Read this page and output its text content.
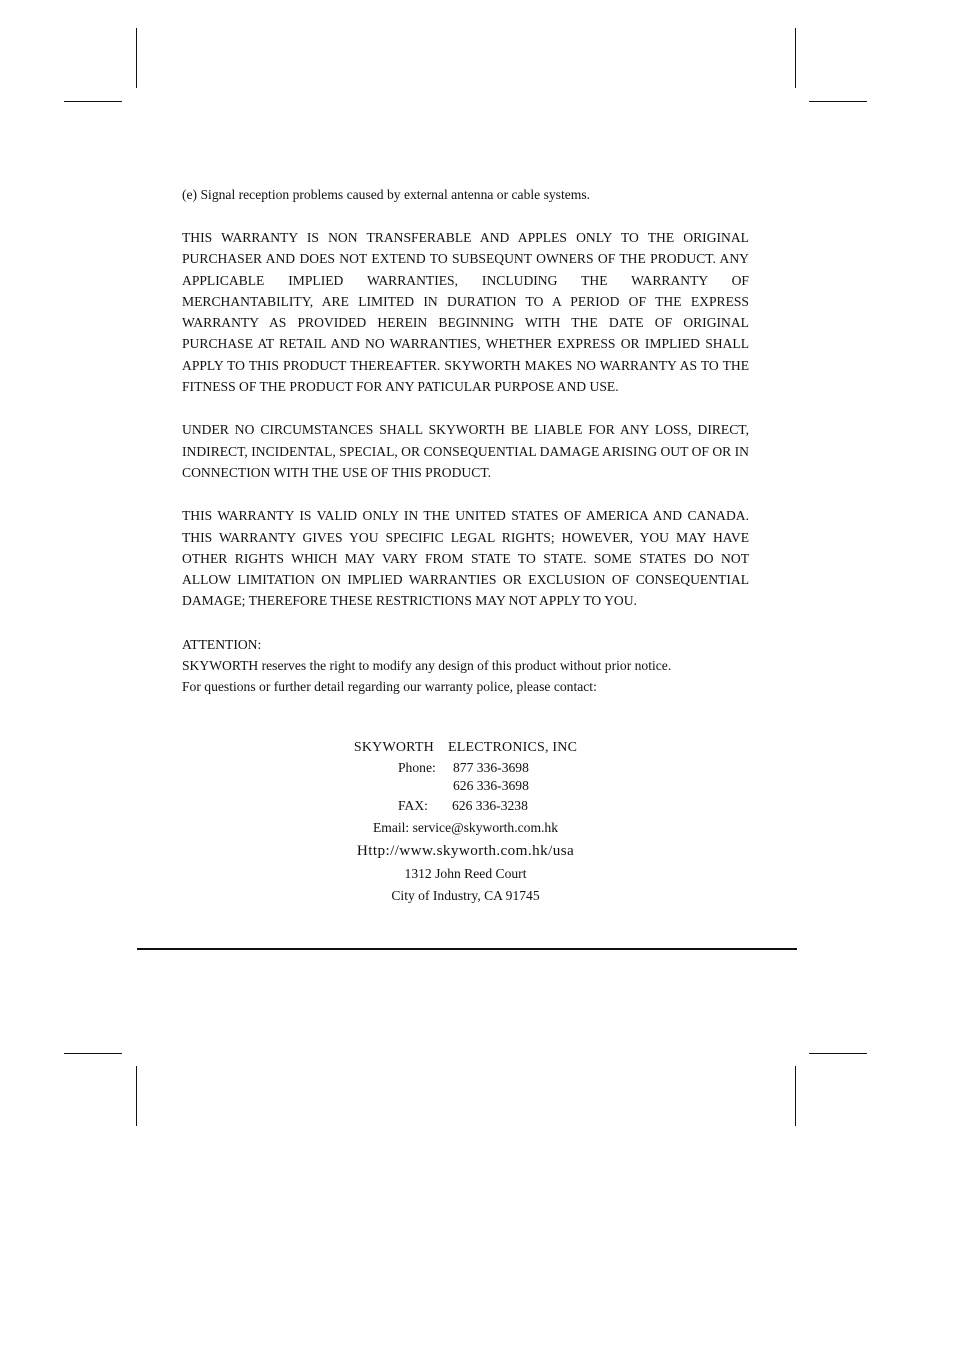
(e) Signal reception problems caused by external antenna or cable systems.

THIS WARRANTY IS NON TRANSFERABLE AND APPLES ONLY TO THE ORIGINAL PURCHASER AND DOES NOT EXTEND TO SUBSEQUNT OWNERS OF THE PRODUCT. ANY APPLICABLE IMPLIED WARRANTIES, INCLUDING THE WARRANTY OF MERCHANTABILITY, ARE LIMITED IN DURATION TO A PERIOD OF THE EXPRESS WARRANTY AS PROVIDED HEREIN BEGINNING WITH THE DATE OF ORIGINAL PURCHASE AT RETAIL AND NO WARRANTIES, WHETHER EXPRESS OR IMPLIED SHALL APPLY TO THIS PRODUCT THEREAFTER. SKYWORTH MAKES NO WARRANTY AS TO THE FITNESS OF THE PRODUCT FOR ANY PATICULAR PURPOSE AND USE.

UNDER NO CIRCUMSTANCES SHALL SKYWORTH BE LIABLE FOR ANY LOSS, DIRECT, INDIRECT, INCIDENTAL, SPECIAL, OR CONSEQUENTIAL DAMAGE ARISING OUT OF OR IN CONNECTION WITH THE USE OF THIS PRODUCT.

THIS WARRANTY IS VALID ONLY IN THE UNITED STATES OF AMERICA AND CANADA. THIS WARRANTY GIVES YOU SPECIFIC LEGAL RIGHTS; HOWEVER, YOU MAY HAVE OTHER RIGHTS WHICH MAY VARY FROM STATE TO STATE. SOME STATES DO NOT ALLOW LIMITATION ON IMPLIED WARRANTIES OR EXCLUSION OF CONSEQUENTIAL DAMAGE; THEREFORE THESE RESTRICTIONS MAY NOT APPLY TO YOU.

ATTENTION:
SKYWORTH reserves the right to modify any design of this product without prior notice.
For questions or further detail regarding our warranty police, please contact:
SKYWORTH ELECTRONICS, INC
Phone: 877 336-3698
626 336-3698
FAX: 626 336-3238
Email: service@skyworth.com.hk
Http://www.skyworth.com.hk/usa
1312 John Reed Court
City of Industry, CA 91745
